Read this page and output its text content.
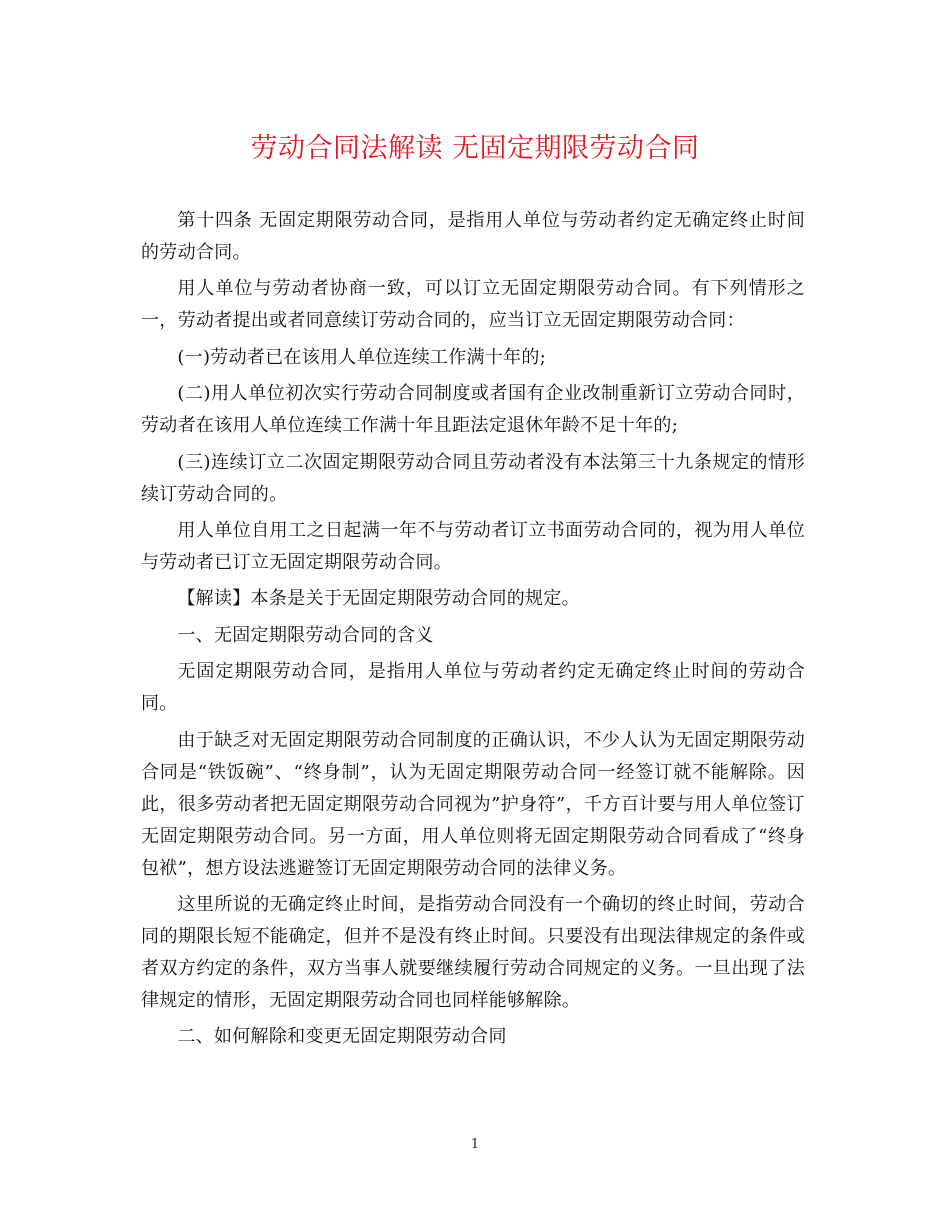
劳动合同法解读 无固定期限劳动合同

第十四条 无固定期限劳动合同，是指用人单位与劳动者约定无确定终止时间的劳动合同。

用人单位与劳动者协商一致，可以订立无固定期限劳动合同。有下列情形之一，劳动者提出或者同意续订劳动合同的，应当订立无固定期限劳动合同：

(一)劳动者已在该用人单位连续工作满十年的;

(二)用人单位初次实行劳动合同制度或者国有企业改制重新订立劳动合同时，劳动者在该用人单位连续工作满十年且距法定退休年龄不足十年的;

(三)连续订立二次固定期限劳动合同且劳动者没有本法第三十九条规定的情形续订劳动合同的。

用人单位自用工之日起满一年不与劳动者订立书面劳动合同的，视为用人单位与劳动者已订立无固定期限劳动合同。

【解读】本条是关于无固定期限劳动合同的规定。

一、无固定期限劳动合同的含义

无固定期限劳动合同，是指用人单位与劳动者约定无确定终止时间的劳动合同。

由于缺乏对无固定期限劳动合同制度的正确认识，不少人认为无固定期限劳动合同是“铁饭碗”、“终身制”，认为无固定期限劳动合同一经签订就不能解除。因此，很多劳动者把无固定期限劳动合同视为”护身符”，千方百计要与用人单位签订无固定期限劳动合同。另一方面，用人单位则将无固定期限劳动合同看成了“终身包袱”，想方设法逃避签订无固定期限劳动合同的法律义务。

这里所说的无确定终止时间，是指劳动合同没有一个确切的终止时间，劳动合同的期限长短不能确定，但并不是没有终止时间。只要没有出现法律规定的条件或者双方约定的条件，双方当事人就要继续履行劳动合同规定的义务。一旦出现了法律规定的情形，无固定期限劳动合同也同样能够解除。

二、如何解除和变更无固定期限劳动合同

1
